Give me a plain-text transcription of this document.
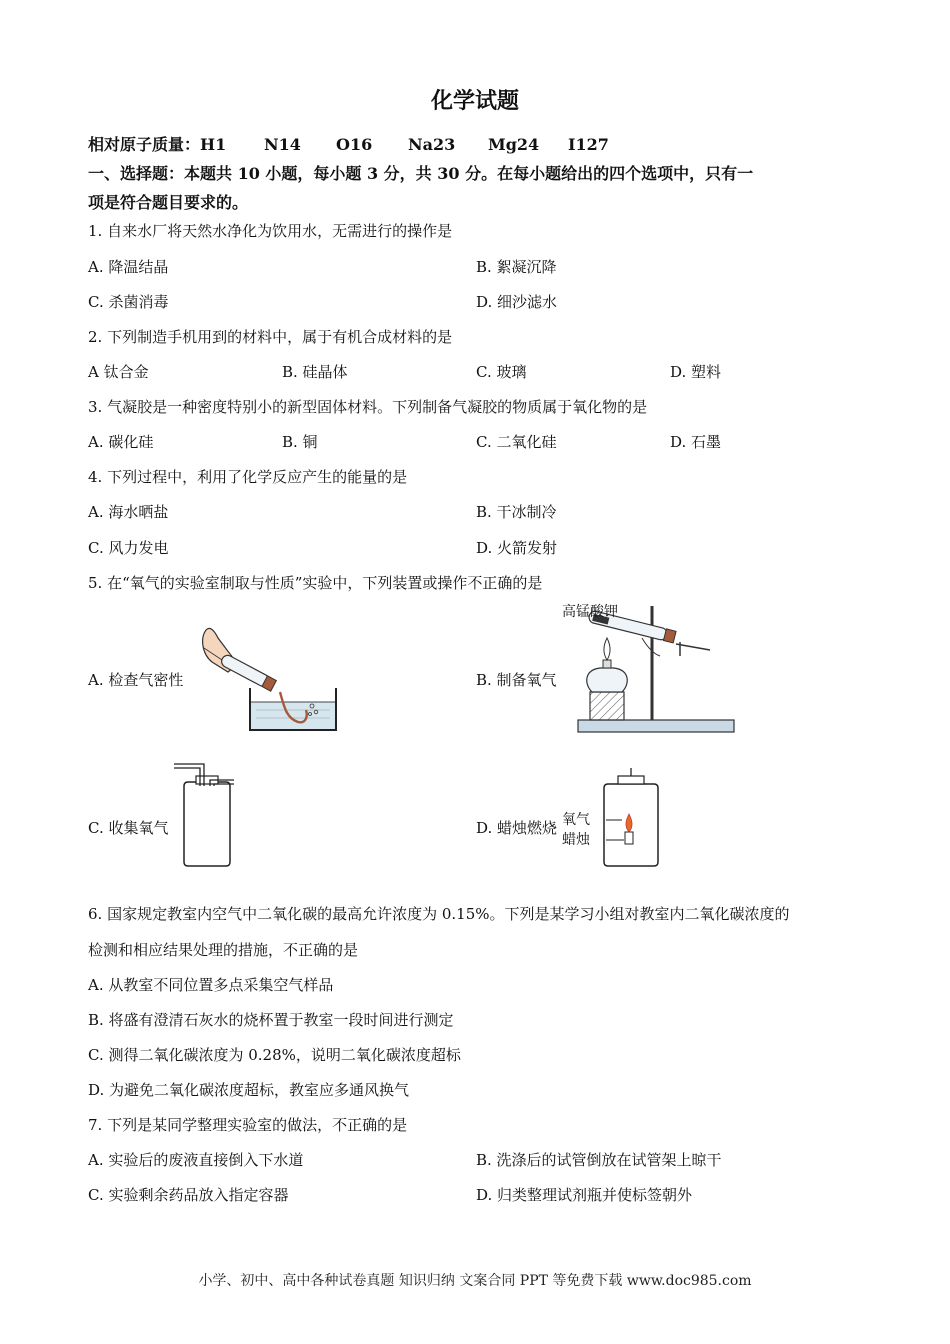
化学试题
相对原子质量：H1 N14 O16 Na23 Mg24 I127
一、选择题：本题共 10 小题，每小题 3 分，共 30 分。在每小题给出的四个选项中，只有一
项是符合题目要求的。
1. 自来水厂将天然水净化为饮用水，无需进行的操作是
A. 降温结晶	B. 絮凝沉降
C. 杀菌消毒	D. 细沙滤水
2. 下列制造手机用到的材料中，属于有机合成材料的是
A 钛合金	B. 硅晶体	C. 玻璃	D. 塑料
3. 气凝胶是一种密度特别小的新型固体材料。下列制备气凝胶的物质属于氧化物的是
A. 碳化硅	B. 铜	C. 二氧化硅	D. 石墨
4. 下列过程中，利用了化学反应产生的能量的是
A. 海水晒盐	B. 干冰制冷
C. 风力发电	D. 火箭发射
5. 在“氧气的实验室制取与性质”实验中，下列装置或操作不正确的是
A. 检查气密性	B. 制备氧气
C. 收集氧气	D. 蜡烛燃烧
高锰酸钾
氧气
蜡烛
6. 国家规定教室内空气中二氧化碳的最高允许浓度为 0.15%。下列是某学习小组对教室内二氧化碳浓度的
检测和相应结果处理的措施，不正确的是
A. 从教室不同位置多点采集空气样品
B. 将盛有澄清石灰水的烧杯置于教室一段时间进行测定
C. 测得二氧化碳浓度为 0.28%，说明二氧化碳浓度超标
D. 为避免二氧化碳浓度超标，教室应多通风换气
7. 下列是某同学整理实验室的做法，不正确的是
A. 实验后的废液直接倒入下水道	B. 洗涤后的试管倒放在试管架上晾干
C. 实验剩余药品放入指定容器	D. 归类整理试剂瓶并使标签朝外
小学、初中、高中各种试卷真题 知识归纳 文案合同 PPT 等免费下载 www.doc985.com
